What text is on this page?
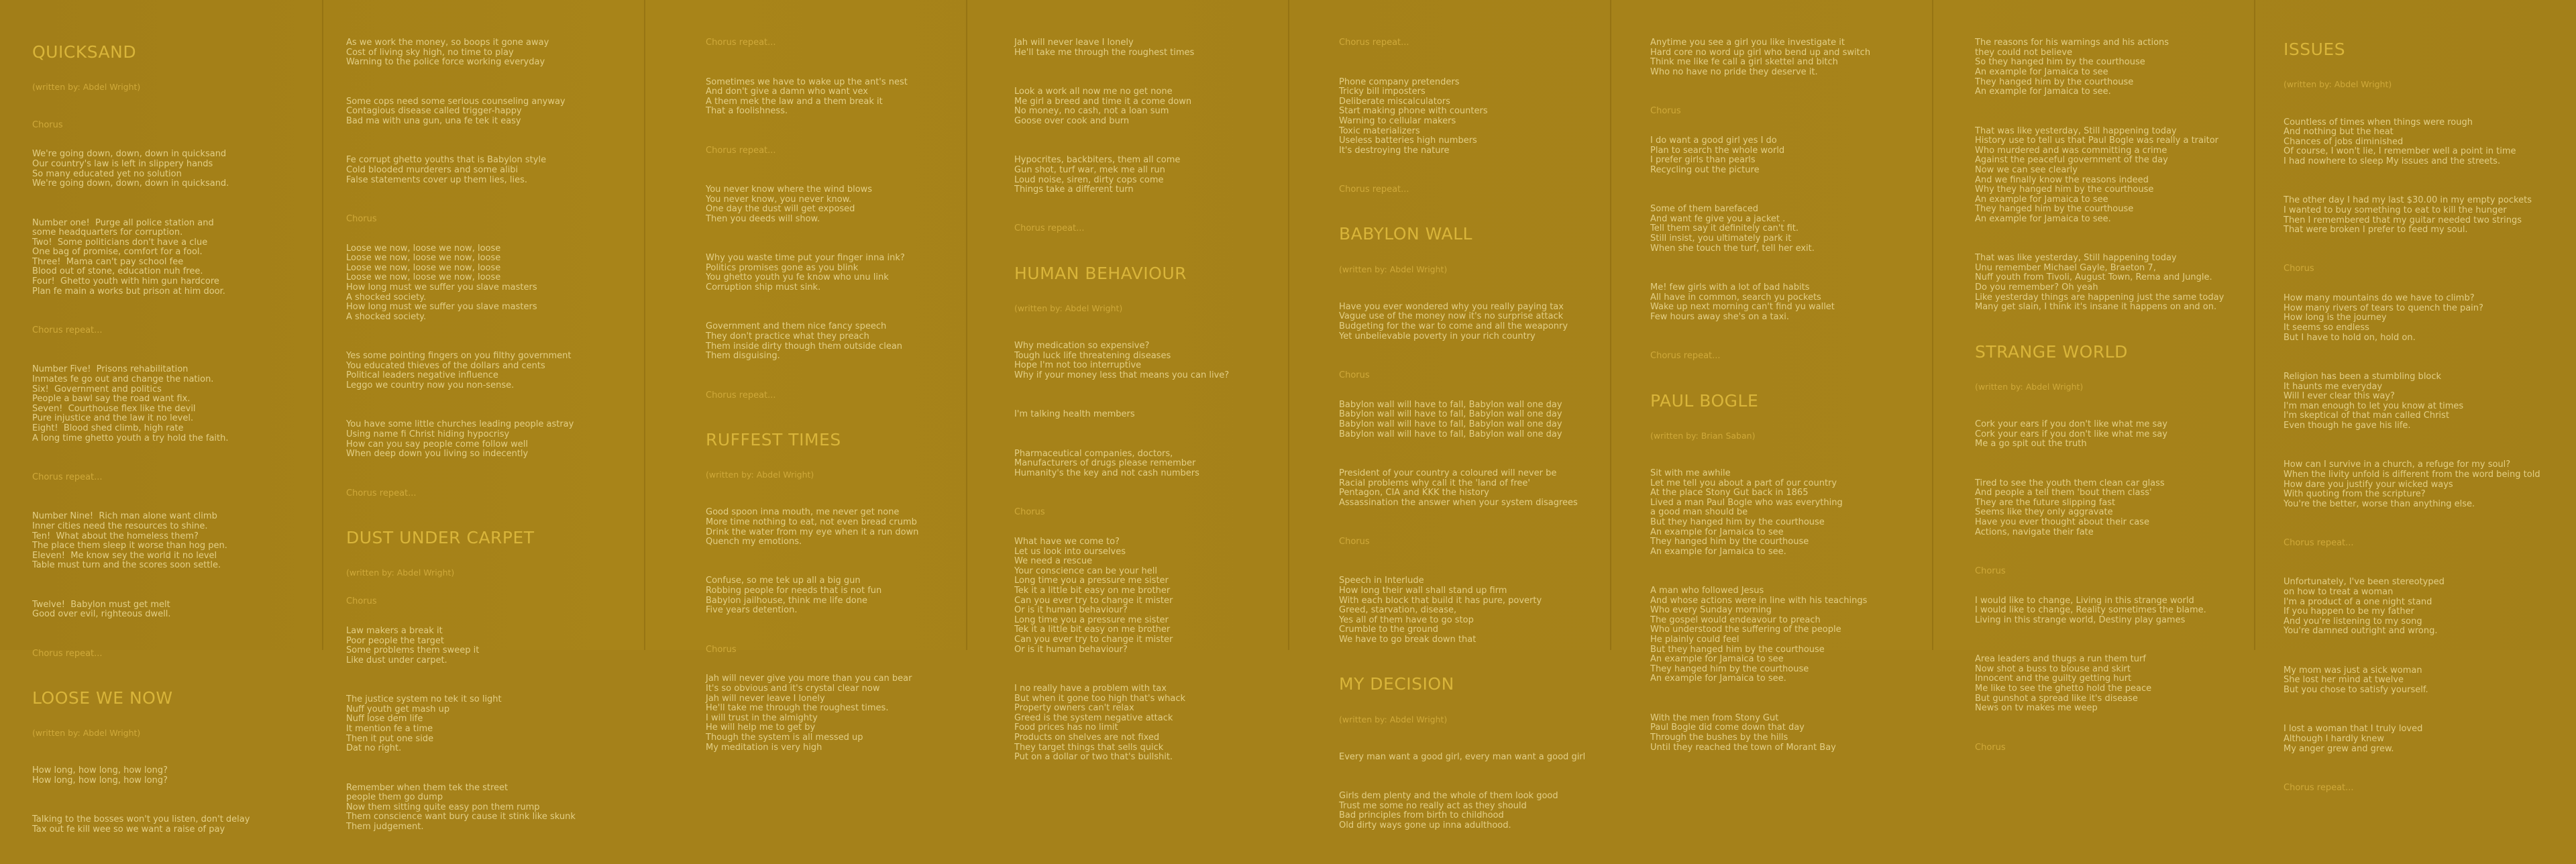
QUICKSAND

(written by: Abdel Wright)

Chorus

We're going down, down, down in quicksand
Our country's law is left in slippery hands
So many educated yet no solution
We're going down, down, down in quicksand.

Number one!  Purge all police station and
some headquarters for corruption.
Two!  Some politicians don't have a clue
One bag of promise, comfort for a fool.
Three!  Mama can't pay school fee
Blood out of stone, education nuh free.
Four!  Ghetto youth with him gun hardcore
Plan fe main a works but prison at him door.

Chorus repeat...

Number Five!  Prisons rehabilitation
Inmates fe go out and change the nation.
Six!  Government and politics
People a bawl say the road want fix.
Seven!  Courthouse flex like the devil
Pure injustice and the law it no level.
Eight!  Blood shed climb, high rate
A long time ghetto youth a try hold the faith.

Chorus repeat...

Number Nine!  Rich man alone want climb
Inner cities need the resources to shine.
Ten!  What about the homeless them?
The place them sleep it worse than hog pen.
Eleven!  Me know sey the world it no level
Table must turn and the scores soon settle.

Twelve!  Babylon must get melt
Good over evil, righteous dwell.

Chorus repeat...

LOOSE WE NOW

(written by: Abdel Wright)

How long, how long, how long?
How long, how long, how long?

Talking to the bosses won't you listen, don't delay
Tax out fe kill wee so we want a raise of pay

As we work the money, so boops it gone away
Cost of living sky high, no time to play
Warning to the police force working everyday

Some cops need some serious counseling anyway
Contagious disease called trigger-happy
Bad ma with una gun, una fe tek it easy

Fe corrupt ghetto youths that is Babylon style
Cold blooded murderers and some alibi
False statements cover up them lies, lies.

Chorus

Loose we now, loose we now, loose
Loose we now, loose we now, loose
Loose we now, loose we now, loose
Loose we now, loose we now, loose
How long must we suffer you slave masters
A shocked society.
How long must we suffer you slave masters
A shocked society.

Yes some pointing fingers on you filthy government
You educated thieves of the dollars and cents
Political leaders negative influence
Leggo we country now you non-sense.

You have some little churches leading people astray
Using name fi Christ hiding hypocrisy
How can you say people come follow well
When deep down you living so indecently

Chorus repeat...

DUST UNDER CARPET

(written by: Abdel Wright)

Chorus

Law makers a break it
Poor people the target
Some problems them sweep it
Like dust under carpet.

The justice system no tek it so light
Nuff youth get mash up
Nuff lose dem life
It mention fe a time
Then it put one side
Dat no right.

Remember when them tek the street
people them go dump
Now them sitting quite easy pon them rump
Them conscience want bury cause it stink like skunk
Them judgement.

Chorus repeat...

Sometimes we have to wake up the ant's nest
And don't give a damn who want vex
A them mek the law and a them break it
That a foolishness.

Chorus repeat...

You never know where the wind blows
You never know, you never know.
One day the dust will get exposed
Then you deeds will show.

Why you waste time put your finger inna ink?
Politics promises gone as you blink
You ghetto youth yu fe know who unu link
Corruption ship must sink.

Government and them nice fancy speech
They don't practice what they preach
Them inside dirty though them outside clean
Them disguising.

Chorus repeat...

RUFFEST TIMES

(written by: Abdel Wright)

Good spoon inna mouth, me never get none
More time nothing to eat, not even bread crumb
Drink the water from my eye when it a run down
Quench my emotions.

Confuse, so me tek up all a big gun
Robbing people for needs that is not fun
Babylon jailhouse, think me life done
Five years detention.

Chorus

Jah will never give you more than you can bear
It's so obvious and it's crystal clear now
Jah will never leave I lonely
He'll take me through the roughest times.
I will trust in the almighty
He will help me to get by
Though the system is all messed up
My meditation is very high

Jah will never leave I lonely
He'll take me through the roughest times

Look a work all now me no get none
Me girl a breed and time it a come down
No money, no cash, not a loan sum
Goose over cook and burn

Hypocrites, backbiters, them all come
Gun shot, turf war, mek me all run
Loud noise, siren, dirty cops come
Things take a different turn

Chorus repeat...

HUMAN BEHAVIOUR

(written by: Abdel Wright)

Why medication so expensive?
Tough luck life threatening diseases
Hope I'm not too interruptive
Why if your money less that means you can live?

I'm talking health members

Pharmaceutical companies, doctors,
Manufacturers of drugs please remember
Humanity's the key and not cash numbers

Chorus

What have we come to?
Let us look into ourselves
We need a rescue
Your conscience can be your hell
Long time you a pressure me sister
Tek it a little bit easy on me brother
Can you ever try to change it mister
Or is it human behaviour?
Long time you a pressure me sister
Tek it a little bit easy on me brother
Can you ever try to change it mister
Or is it human behaviour?

I no really have a problem with tax
But when it gone too high that's whack
Property owners can't relax
Greed is the system negative attack
Food prices has no limit
Products on shelves are not fixed
They target things that sells quick
Put on a dollar or two that's bullshit.

Chorus repeat...

Phone company pretenders
Tricky bill imposters
Deliberate miscalculators
Start making phone with counters
Warning to cellular makers
Toxic materializers
Useless batteries high numbers
It's destroying the nature

Chorus repeat...

BABYLON WALL

(written by: Abdel Wright)

Have you ever wondered why you really paying tax
Vague use of the money now it's no surprise attack
Budgeting for the war to come and all the weaponry
Yet unbelievable poverty in your rich country

Chorus

Babylon wall will have to fall, Babylon wall one day
Babylon wall will have to fall, Babylon wall one day
Babylon wall will have to fall, Babylon wall one day
Babylon wall will have to fall, Babylon wall one day

President of your country a coloured will never be
Racial problems why call it the 'land of free'
Pentagon, CIA and KKK the history
Assassination the answer when your system disagrees

Chorus

Speech in Interlude
How long their wall shall stand up firm
With each block that build it has pure, poverty
Greed, starvation, disease,
Yes all of them have to go stop
Crumble to the ground
We have to go break down that

MY DECISION

(written by: Abdel Wright)

Every man want a good girl, every man want a good girl

Girls dem plenty and the whole of them look good
Trust me some no really act as they should
Bad principles from birth to childhood
Old dirty ways gone up inna adulthood.

Anytime you see a girl you like investigate it
Hard core no word up girl who bend up and switch
Think me like fe call a girl skettel and bitch
Who no have no pride they deserve it.

Chorus

I do want a good girl yes I do
Plan to search the whole world
I prefer girls than pearls
Recycling out the picture

Some of them barefaced
And want fe give you a jacket .
Tell them say it definitely can't fit.
Still insist, you ultimately park it
When she touch the turf, tell her exit.

Me! few girls with a lot of bad habits
All have in common, search yu pockets
Wake up next morning can't find yu wallet
Few hours away she's on a taxi.

Chorus repeat...

PAUL BOGLE

(written by: Brian Saban)

Sit with me awhile
Let me tell you about a part of our country
At the place Stony Gut back in 1865
Lived a man Paul Bogle who was everything
a good man should be
But they hanged him by the courthouse
An example for Jamaica to see
They hanged him by the courthouse
An example for Jamaica to see.

A man who followed Jesus
And whose actions were in line with his teachings
Who every Sunday morning
The gospel would endeavour to preach
Who understood the suffering of the people
He plainly could feel
But they hanged him by the courthouse
An example for Jamaica to see
They hanged him by the courthouse
An example for Jamaica to see.

With the men from Stony Gut
Paul Bogle did come down that day
Through the bushes by the hills
Until they reached the town of Morant Bay

The reasons for his warnings and his actions
they could not believe
So they hanged him by the courthouse
An example for Jamaica to see
They hanged him by the courthouse
An example for Jamaica to see.

That was like yesterday, Still happening today
History use to tell us that Paul Bogle was really a traitor
Who murdered and was committing a crime
Against the peaceful government of the day
Now we can see clearly
And we finally know the reasons indeed
Why they hanged him by the courthouse
An example for Jamaica to see
They hanged him by the courthouse
An example for Jamaica to see.

That was like yesterday, Still happening today
Unu remember Michael Gayle, Braeton 7,
Nuff youth from Tivoli, August Town, Rema and Jungle.
Do you remember? Oh yeah
Like yesterday things are happening just the same today
Many get slain, I think it's insane it happens on and on.

STRANGE WORLD

(written by: Abdel Wright)

Cork your ears if you don't like what me say
Cork your ears if you don't like what me say
Me a go spit out the truth

Tired to see the youth them clean car glass
And people a tell them 'bout them class'
They are the future slipping fast
Seems like they only aggravate
Have you ever thought about their case
Actions, navigate their fate

Chorus

I would like to change, Living in this strange world
I would like to change, Reality sometimes the blame.
Living in this strange world, Destiny play games

Area leaders and thugs a run them turf
Now shot a buss to blouse and skirt
Innocent and the guilty getting hurt
Me like to see the ghetto hold the peace
But gunshot a spread like it's disease
News on tv makes me weep

Chorus

ISSUES

(written by: Abdel Wright)

Countless of times when things were rough
And nothing but the heat
Chances of jobs diminished
Of course, I won't lie, I remember well a point in time
I had nowhere to sleep My issues and the streets.

The other day I had my last $30.00 in my empty pockets
I wanted to buy something to eat to kill the hunger
Then I remembered that my guitar needed two strings
That were broken I prefer to feed my soul.

Chorus

How many mountains do we have to climb?
How many rivers of tears to quench the pain?
How long is the journey
It seems so endless
But I have to hold on, hold on.

Religion has been a stumbling block
It haunts me everyday
Will I ever clear this way?
I'm man enough to let you know at times
I'm skeptical of that man called Christ
Even though he gave his life.

How can I survive in a church, a refuge for my soul?
When the livity unfold is different from the word being told
How dare you justify your wicked ways
With quoting from the scripture?
You're the better, worse than anything else.

Chorus repeat...

Unfortunately, I've been stereotyped
on how to treat a woman
I'm a product of a one night stand
If you happen to be my father
And you're listening to my song
You're damned outright and wrong.

My mom was just a sick woman
She lost her mind at twelve
But you chose to satisfy yourself.

I lost a woman that I truly loved
Although I hardly knew
My anger grew and grew.

Chorus repeat...
